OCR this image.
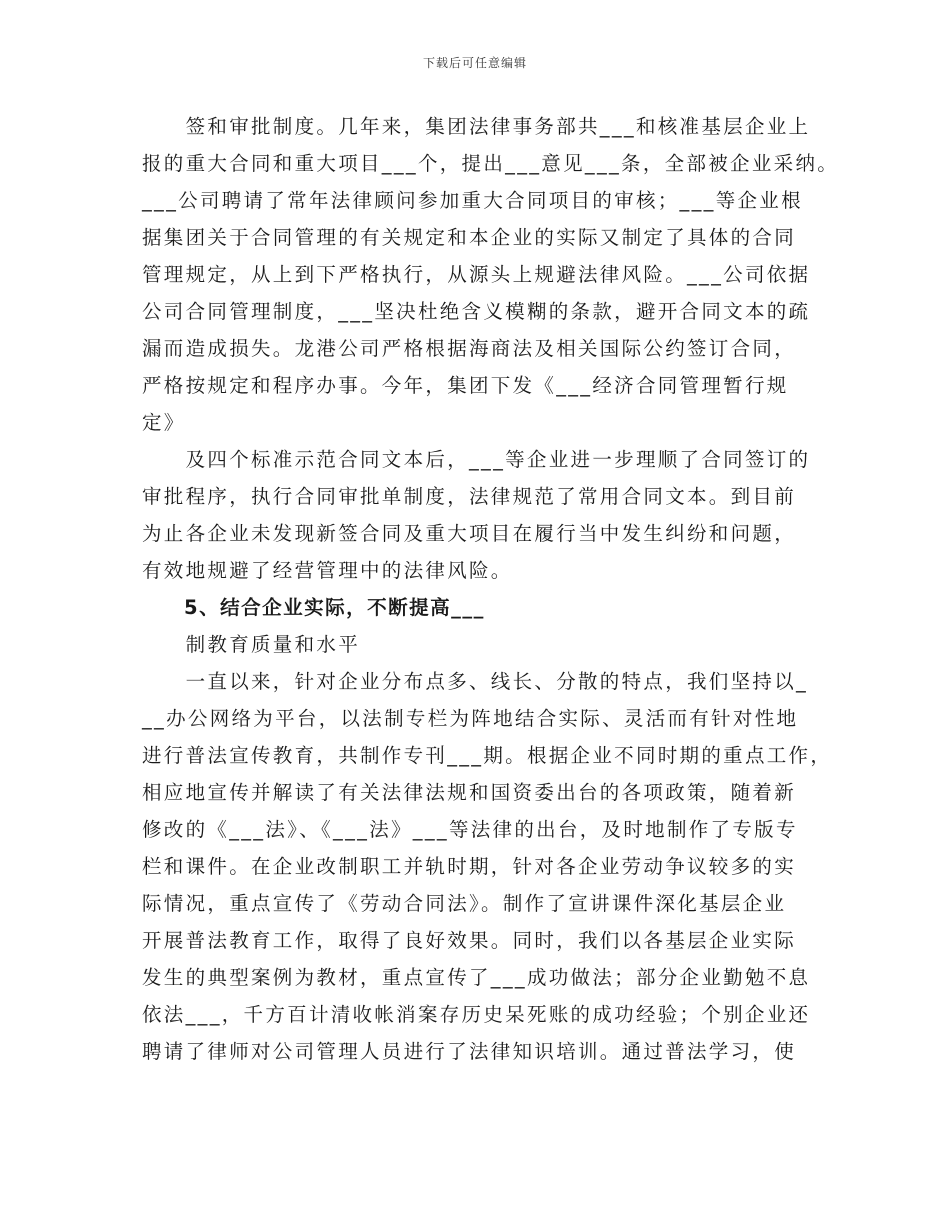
下载后可任意编辑
　　签和审批制度。几年来，集团法律事务部共___和核准基层企业上
报的重大合同和重大项目___个，提出___意见___条，全部被企业采纳。
___公司聘请了常年法律顾问参加重大合同项目的审核；___等企业根
据集团关于合同管理的有关规定和本企业的实际又制定了具体的合同
管理规定，从上到下严格执行，从源头上规避法律风险。___公司依据
公司合同管理制度，___坚决杜绝含义模糊的条款，避开合同文本的疏
漏而造成损失。龙港公司严格根据海商法及相关国际公约签订合同，
严格按规定和程序办事。今年，集团下发《___经济合同管理暂行规
定》
　　及四个标准示范合同文本后，___等企业进一步理顺了合同签订的
审批程序，执行合同审批单制度，法律规范了常用合同文本。到目前
为止各企业未发现新签合同及重大项目在履行当中发生纠纷和问题，
有效地规避了经营管理中的法律风险。
　　5、结合企业实际，不断提高___
　　制教育质量和水平
　　一直以来，针对企业分布点多、线长、分散的特点，我们坚持以_
__办公网络为平台，以法制专栏为阵地结合实际、灵活而有针对性地
进行普法宣传教育，共制作专刊___期。根据企业不同时期的重点工作，
相应地宣传并解读了有关法律法规和国资委出台的各项政策，随着新
修改的《___法》、《___法》___等法律的出台，及时地制作了专版专
栏和课件。在企业改制职工并轨时期，针对各企业劳动争议较多的实
际情况，重点宣传了《劳动合同法》。制作了宣讲课件深化基层企业
开展普法教育工作，取得了良好效果。同时，我们以各基层企业实际
发生的典型案例为教材，重点宣传了___成功做法；部分企业勤勉不息
依法___，千方百计清收帐消案存历史呆死账的成功经验；个别企业还
聘请了律师对公司管理人员进行了法律知识培训。通过普法学习，使
